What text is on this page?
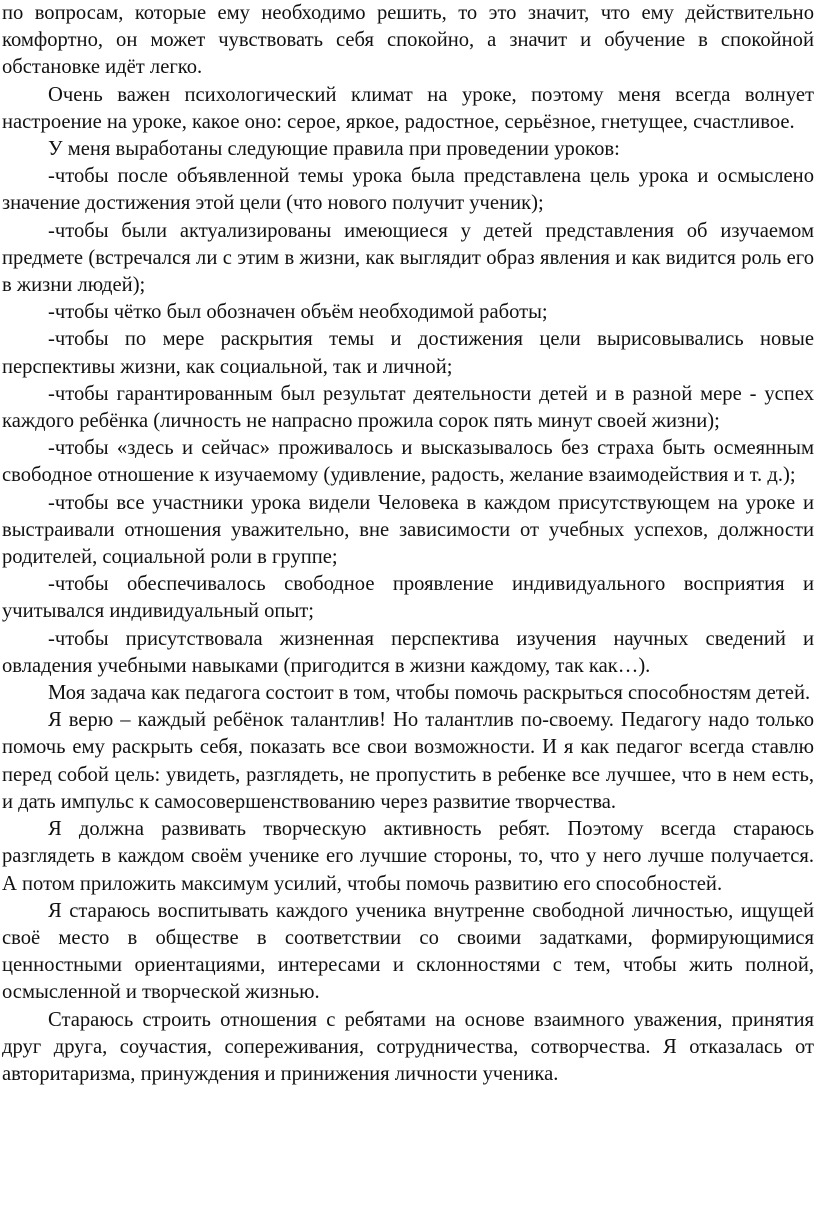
по вопросам, которые ему необходимо решить, то это значит, что ему действительно комфортно, он может чувствовать себя спокойно, а значит и обучение в спокойной обстановке идёт легко.

Очень важен психологический климат на уроке, поэтому меня всегда волнует настроение на уроке, какое оно: серое, яркое, радостное, серьёзное, гнетущее, счастливое.

У меня выработаны следующие правила при проведении уроков:

-чтобы после объявленной темы урока была представлена цель урока и осмыслено значение достижения этой цели (что нового получит ученик);

-чтобы были актуализированы имеющиеся у детей представления об изучаемом предмете (встречался ли с этим в жизни, как выглядит образ явления и как видится роль его в жизни людей);

-чтобы чётко был обозначен объём необходимой работы;

-чтобы по мере раскрытия темы и достижения цели вырисовывались новые перспективы жизни, как социальной, так и личной;

-чтобы гарантированным был результат деятельности детей и в разной мере - успех каждого ребёнка (личность не напрасно прожила сорок пять минут своей жизни);

-чтобы «здесь и сейчас» проживалось и высказывалось без страха быть осмеянным свободное отношение к изучаемому (удивление, радость, желание взаимодействия и т. д.);

-чтобы все участники урока видели Человека в каждом присутствующем на уроке и выстраивали отношения уважительно, вне зависимости от учебных успехов, должности родителей, социальной роли в группе;

-чтобы обеспечивалось свободное проявление индивидуального восприятия и учитывался индивидуальный опыт;

-чтобы присутствовала жизненная перспектива изучения научных сведений и овладения учебными навыками (пригодится в жизни каждому, так как…).

Моя задача как педагога состоит в том, чтобы помочь раскрыться способностям детей.

Я верю – каждый ребёнок талантлив! Но талантлив по-своему. Педагогу надо только помочь ему раскрыть себя, показать все свои возможности. И я как педагог всегда ставлю перед собой цель: увидеть, разглядеть, не пропустить в ребенке все лучшее, что в нем есть, и дать импульс к самосовершенствованию через развитие творчества.

Я должна развивать творческую активность ребят. Поэтому всегда стараюсь разглядеть в каждом своём ученике его лучшие стороны, то, что у него лучше получается. А потом приложить максимум усилий, чтобы помочь развитию его способностей.

Я стараюсь воспитывать каждого ученика внутренне свободной личностью, ищущей своё место в обществе в соответствии со своими задатками, формирующимися ценностными ориентациями, интересами и склонностями с тем, чтобы жить полной, осмысленной и творческой жизнью.

Стараюсь строить отношения с ребятами на основе взаимного уважения, принятия друг друга, соучастия, сопереживания, сотрудничества, сотворчества. Я отказалась от авторитаризма, принуждения и принижения личности ученика.
